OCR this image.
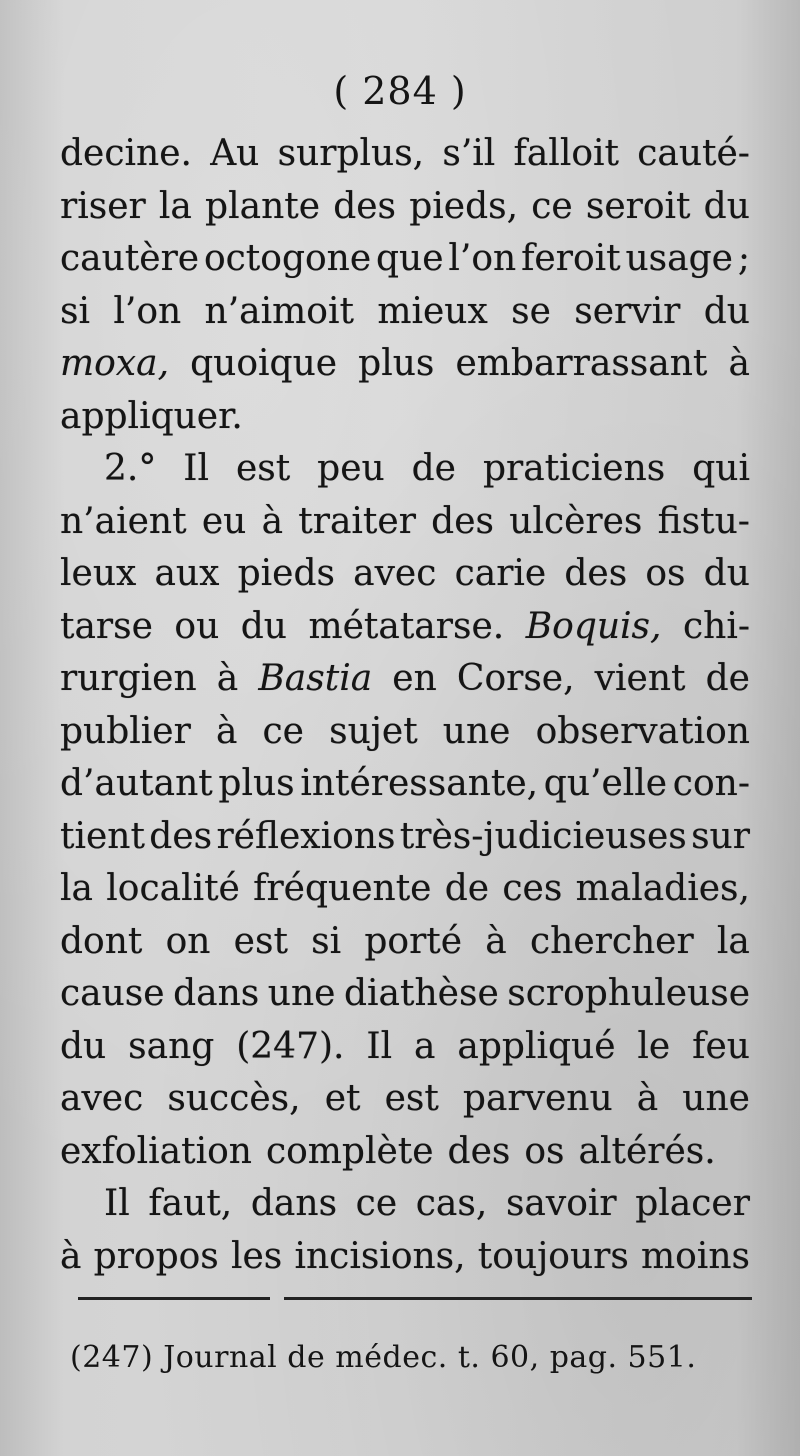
( 284 )
decine. Au surplus, s’il falloit cauté-
riser la plante des pieds, ce seroit du
cautère octogone que l’on feroit usage ;
si l’on n’aimoit mieux se servir du
moxa, quoique plus embarrassant à
appliquer.
2.° Il est peu de praticiens qui
n’aient eu à traiter des ulcères fistu-
leux aux pieds avec carie des os du
tarse ou du métatarse. Boquis, chi-
rurgien à Bastia en Corse, vient de
publier à ce sujet une observation
d’autant plus intéressante, qu’elle con-
tient des réflexions très-judicieuses sur
la localité fréquente de ces maladies,
dont on est si porté à chercher la
cause dans une diathèse scrophuleuse
du sang (247). Il a appliqué le feu
avec succès, et est parvenu à une
exfoliation complète des os altérés.
Il faut, dans ce cas, savoir placer
à propos les incisions, toujours moins
(247) Journal de médec. t. 60, pag. 551.
